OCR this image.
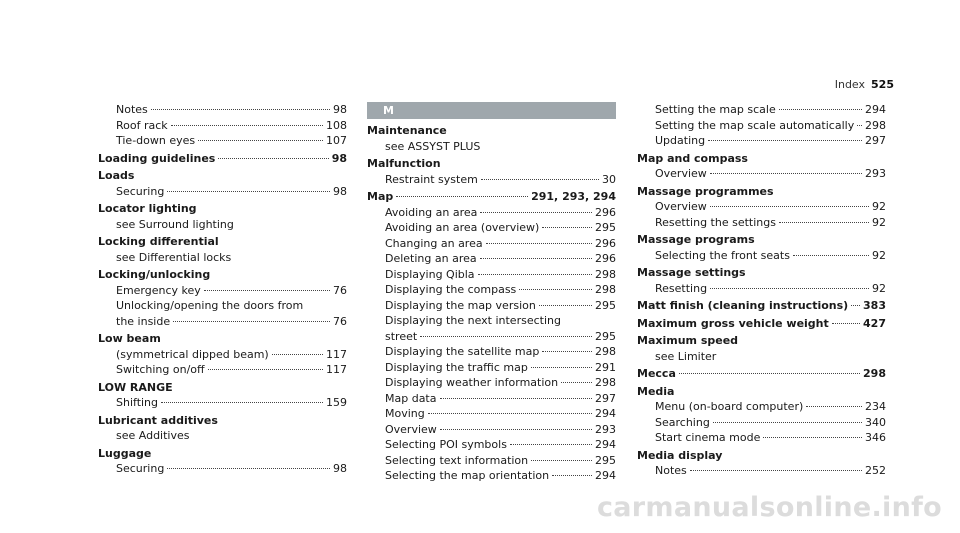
Index 525
Notes	98
Roof rack	108
Tie-down eyes	107
Loading guidelines	98
Loads
Securing	98
Locator lighting
see Surround lighting
Locking differential
see Differential locks
Locking/unlocking
Emergency key	76
Unlocking/opening the doors from
the inside	76
Low beam
(symmetrical dipped beam)	117
Switching on/off	117
LOW RANGE
Shifting	159
Lubricant additives
see Additives
Luggage
Securing	98
M
Maintenance
see ASSYST PLUS
Malfunction
Restraint system	30
Map	291, 293, 294
Avoiding an area	296
Avoiding an area (overview)	295
Changing an area	296
Deleting an area	296
Displaying Qibla	298
Displaying the compass	298
Displaying the map version	295
Displaying the next intersecting
street	295
Displaying the satellite map	298
Displaying the traffic map	291
Displaying weather information	298
Map data	297
Moving	294
Overview	293
Selecting POI symbols	294
Selecting text information	295
Selecting the map orientation	294
Setting the map scale	294
Setting the map scale automatically 298
Updating	297
Map and compass
Overview	293
Massage programmes
Overview	92
Resetting the settings	92
Massage programs
Selecting the front seats	92
Massage settings
Resetting	92
Matt finish (cleaning instructions) 383
Maximum gross vehicle weight	427
Maximum speed
see Limiter
Mecca	298
Media
Menu (on-board computer)	234
Searching	340
Start cinema mode	346
Media display
Notes	252
carmanualsonline.info
